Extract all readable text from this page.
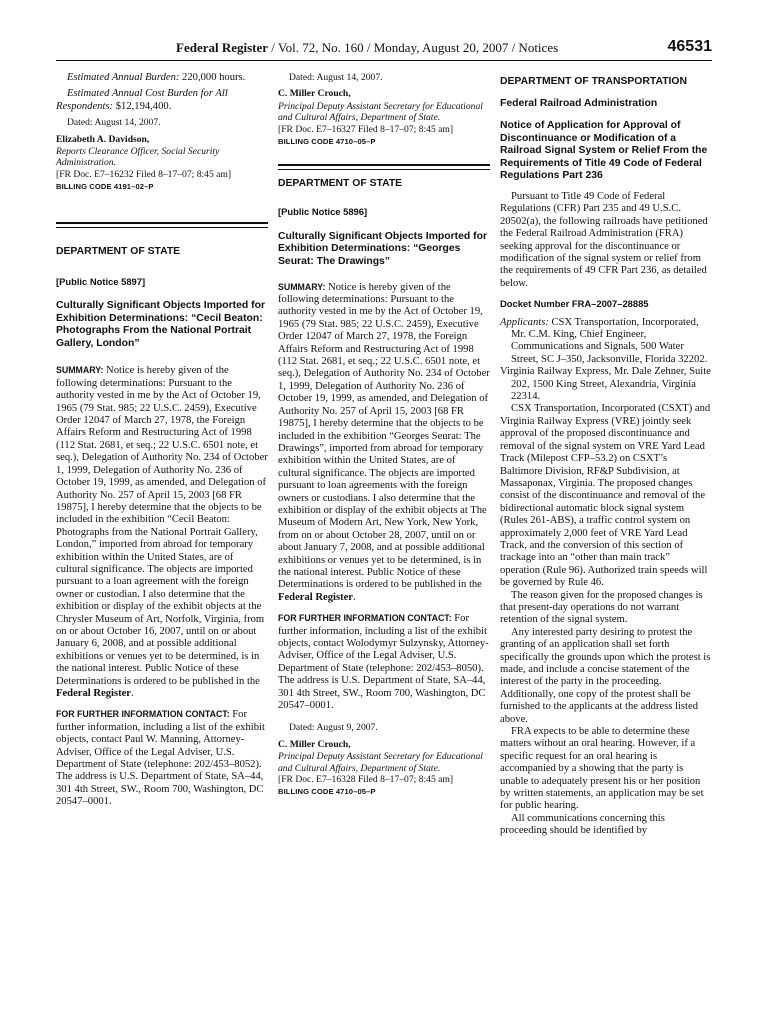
Federal Register / Vol. 72, No. 160 / Monday, August 20, 2007 / Notices	46531

Estimated Annual Burden: 220,000 hours.

Estimated Annual Cost Burden for All Respondents: $12,194,400.

Dated: August 14, 2007.

Elizabeth A. Davidson,

Reports Clearance Officer, Social Security Administration.

[FR Doc. E7–16232 Filed 8–17–07; 8:45 am]

BILLING CODE 4191–02–P

DEPARTMENT OF STATE

[Public Notice 5897]

Culturally Significant Objects Imported for Exhibition Determinations: “Cecil Beaton: Photographs From the National Portrait Gallery, London”

SUMMARY: Notice is hereby given of the following determinations: Pursuant to the authority vested in me by the Act of October 19, 1965 (79 Stat. 985; 22 U.S.C. 2459), Executive Order 12047 of March 27, 1978, the Foreign Affairs Reform and Restructuring Act of 1998 (112 Stat. 2681, et seq.; 22 U.S.C. 6501 note, et seq.), Delegation of Authority No. 234 of October 1, 1999, Delegation of Authority No. 236 of October 19, 1999, as amended, and Delegation of Authority No. 257 of April 15, 2003 [68 FR 19875], I hereby determine that the objects to be included in the exhibition “Cecil Beaton: Photographs from the National Portrait Gallery, London,” imported from abroad for temporary exhibition within the United States, are of cultural significance. The objects are imported pursuant to a loan agreement with the foreign owner or custodian. I also determine that the exhibition or display of the exhibit objects at the Chrysler Museum of Art, Norfolk, Virginia, from on or about October 16, 2007, until on or about January 6, 2008, and at possible additional exhibitions or venues yet to be determined, is in the national interest. Public Notice of these Determinations is ordered to be published in the Federal Register.

FOR FURTHER INFORMATION CONTACT: For further information, including a list of the exhibit objects, contact Paul W. Manning, Attorney-Adviser, Office of the Legal Adviser, U.S. Department of State (telephone: 202/453–8052). The address is U.S. Department of State, SA–44, 301 4th Street, SW., Room 700, Washington, DC 20547–0001.

Dated: August 14, 2007.

C. Miller Crouch,

Principal Deputy Assistant Secretary for Educational and Cultural Affairs, Department of State.

[FR Doc. E7–16327 Filed 8–17–07; 8:45 am]

BILLING CODE 4710–05–P

DEPARTMENT OF STATE

[Public Notice 5896]

Culturally Significant Objects Imported for Exhibition Determinations: “Georges Seurat: The Drawings”

SUMMARY: Notice is hereby given of the following determinations: Pursuant to the authority vested in me by the Act of October 19, 1965 (79 Stat. 985; 22 U.S.C. 2459), Executive Order 12047 of March 27, 1978, the Foreign Affairs Reform and Restructuring Act of 1998 (112 Stat. 2681, et seq.; 22 U.S.C. 6501 note, et seq.), Delegation of Authority No. 234 of October 1, 1999, Delegation of Authority No. 236 of October 19, 1999, as amended, and Delegation of Authority No. 257 of April 15, 2003 [68 FR 19875], I hereby determine that the objects to be included in the exhibition “Georges Seurat: The Drawings”, imported from abroad for temporary exhibition within the United States, are of cultural significance. The objects are imported pursuant to loan agreements with the foreign owners or custodians. I also determine that the exhibition or display of the exhibit objects at The Museum of Modern Art, New York, New York, from on or about October 28, 2007, until on or about January 7, 2008, and at possible additional exhibitions or venues yet to be determined, is in the national interest. Public Notice of these Determinations is ordered to be published in the Federal Register.

FOR FURTHER INFORMATION CONTACT: For further information, including a list of the exhibit objects, contact Wolodymyr Sulzynsky, Attorney-Adviser, Office of the Legal Adviser, U.S. Department of State (telephone: 202/453–8050). The address is U.S. Department of State, SA–44, 301 4th Street, SW., Room 700, Washington, DC 20547–0001.

Dated: August 9, 2007.

C. Miller Crouch,

Principal Deputy Assistant Secretary for Educational and Cultural Affairs, Department of State.

[FR Doc. E7–16328 Filed 8–17–07; 8:45 am]

BILLING CODE 4710–05–P

DEPARTMENT OF TRANSPORTATION

Federal Railroad Administration

Notice of Application for Approval of Discontinuance or Modification of a Railroad Signal System or Relief From the Requirements of Title 49 Code of Federal Regulations Part 236

Pursuant to Title 49 Code of Federal Regulations (CFR) Part 235 and 49 U.S.C. 20502(a), the following railroads have petitioned the Federal Railroad Administration (FRA) seeking approval for the discontinuance or modification of the signal system or relief from the requirements of 49 CFR Part 236, as detailed below.

Docket Number FRA–2007–28885

Applicants: CSX Transportation, Incorporated, Mr. C.M. King, Chief Engineer, Communications and Signals, 500 Water Street, SC J–350, Jacksonville, Florida 32202.

Virginia Railway Express, Mr. Dale Zehner, Suite 202, 1500 King Street, Alexandria, Virginia 22314.

CSX Transportation, Incorporated (CSXT) and Virginia Railway Express (VRE) jointly seek approval of the proposed discontinuance and removal of the signal system on VRE Yard Lead Track (Milepost CFP–53.2) on CSXT’s Baltimore Division, RF&P Subdivision, at Massaponax, Virginia. The proposed changes consist of the discontinuance and removal of the bidirectional automatic block signal system (Rules 261-ABS), a traffic control system on approximately 2,000 feet of VRE Yard Lead Track, and the conversion of this section of trackage into an “other than main track” operation (Rule 96). Authorized train speeds will be governed by Rule 46.

The reason given for the proposed changes is that present-day operations do not warrant retention of the signal system.

Any interested party desiring to protest the granting of an application shall set forth specifically the grounds upon which the protest is made, and include a concise statement of the interest of the party in the proceeding. Additionally, one copy of the protest shall be furnished to the applicants at the address listed above.

FRA expects to be able to determine these matters without an oral hearing. However, if a specific request for an oral hearing is accompanied by a showing that the party is unable to adequately present his or her position by written statements, an application may be set for public hearing.

All communications concerning this proceeding should be identified by
